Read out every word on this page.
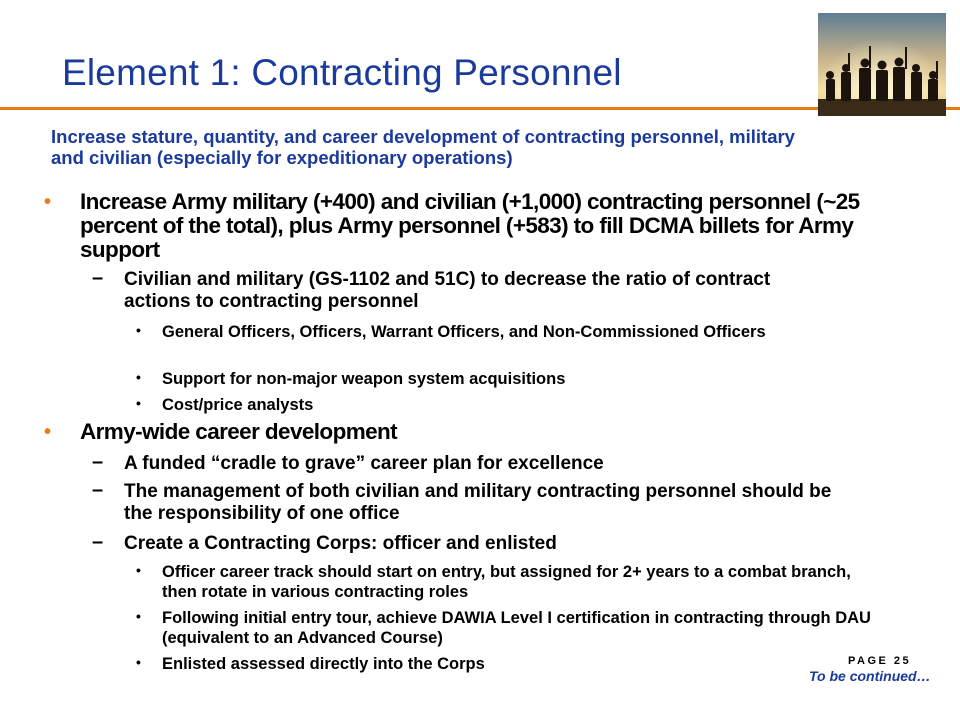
Element 1: Contracting Personnel
Increase stature, quantity, and career development of contracting personnel, military and civilian (especially for expeditionary operations)
• Increase Army military (+400) and civilian (+1,000) contracting personnel (~25 percent of the total), plus Army personnel (+583) to fill DCMA billets for Army support
– Civilian and military (GS-1102 and 51C) to decrease the ratio of contract actions to contracting personnel
• General Officers, Officers, Warrant Officers, and Non-Commissioned Officers
• Support for non-major weapon system acquisitions
• Cost/price analysts
• Army-wide career development
– A funded “cradle to grave” career plan for excellence
– The management of both civilian and military contracting personnel should be the responsibility of one office
– Create a Contracting Corps: officer and enlisted
• Officer career track should start on entry, but assigned for 2+ years to a combat branch, then rotate in various contracting roles
• Following initial entry tour, achieve DAWIA Level I certification in contracting through DAU (equivalent to an Advanced Course)
• Enlisted assessed directly into the Corps	PAGE 25
To be continued…
